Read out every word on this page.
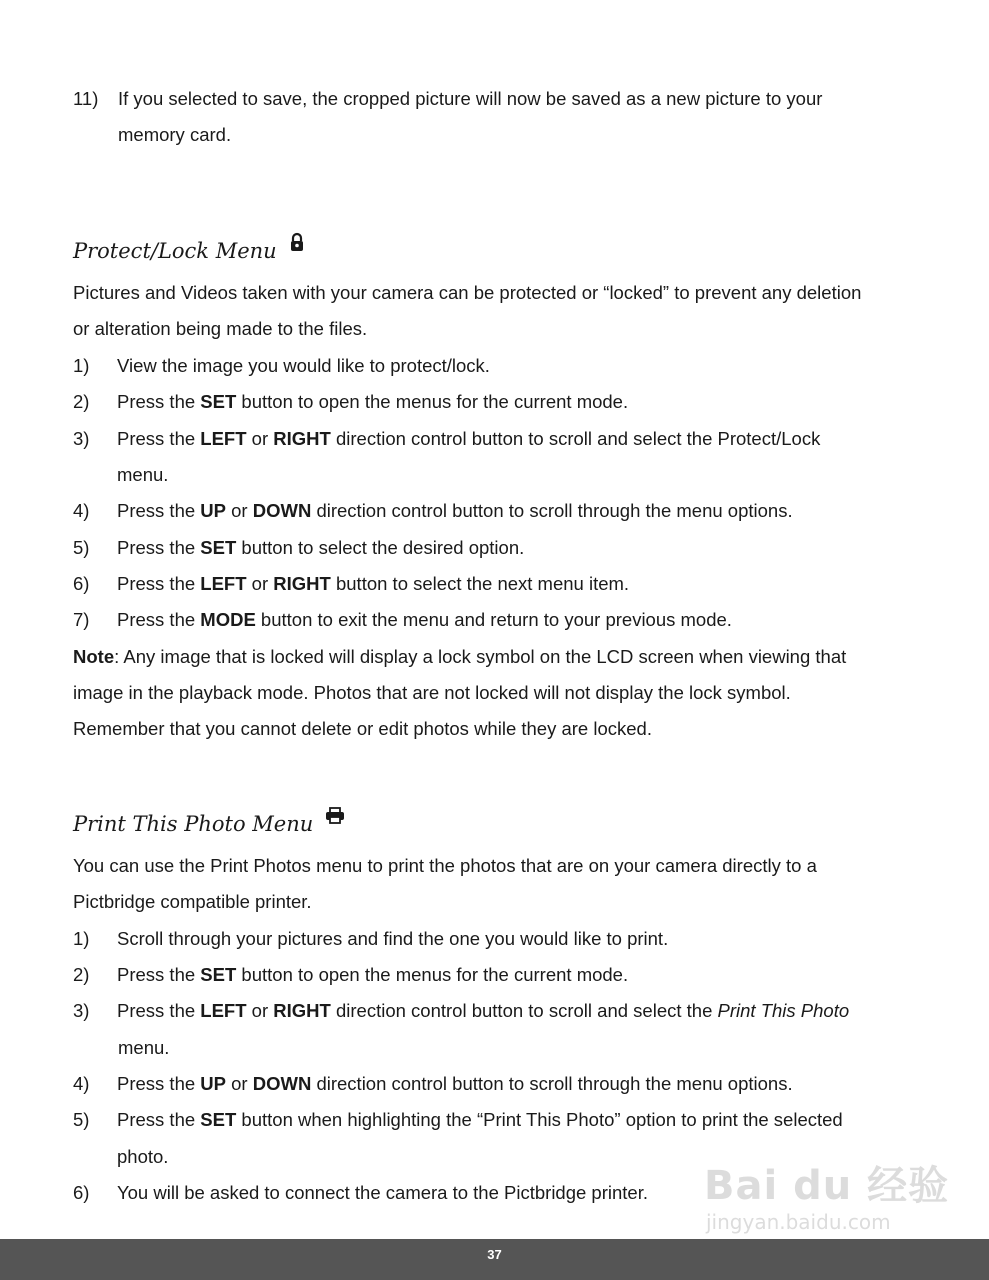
11) If you selected to save, the cropped picture will now be saved as a new picture to your
memory card.
Protect/Lock Menu
Pictures and Videos taken with your camera can be protected or “locked” to prevent any deletion
or alteration being made to the files.
1) View the image you would like to protect/lock.
2) Press the SET button to open the menus for the current mode.
3) Press the LEFT or RIGHT direction control button to scroll and select the Protect/Lock
menu.
4) Press the UP or DOWN direction control button to scroll through the menu options.
5) Press the SET button to select the desired option.
6) Press the LEFT or RIGHT button to select the next menu item.
7) Press the MODE button to exit the menu and return to your previous mode.
Note: Any image that is locked will display a lock symbol on the LCD screen when viewing that
image in the playback mode. Photos that are not locked will not display the lock symbol.
Remember that you cannot delete or edit photos while they are locked.
Print This Photo Menu
You can use the Print Photos menu to print the photos that are on your camera directly to a
Pictbridge compatible printer.
1) Scroll through your pictures and find the one you would like to print.
2) Press the SET button to open the menus for the current mode.
3) Press the LEFT or RIGHT direction control button to scroll and select the Print This Photo
menu.
4) Press the UP or DOWN direction control button to scroll through the menu options.
5) Press the SET button when highlighting the “Print This Photo” option to print the selected
photo.
6) You will be asked to connect the camera to the Pictbridge printer. Bai du 经验
jingyan.baidu.com
37
